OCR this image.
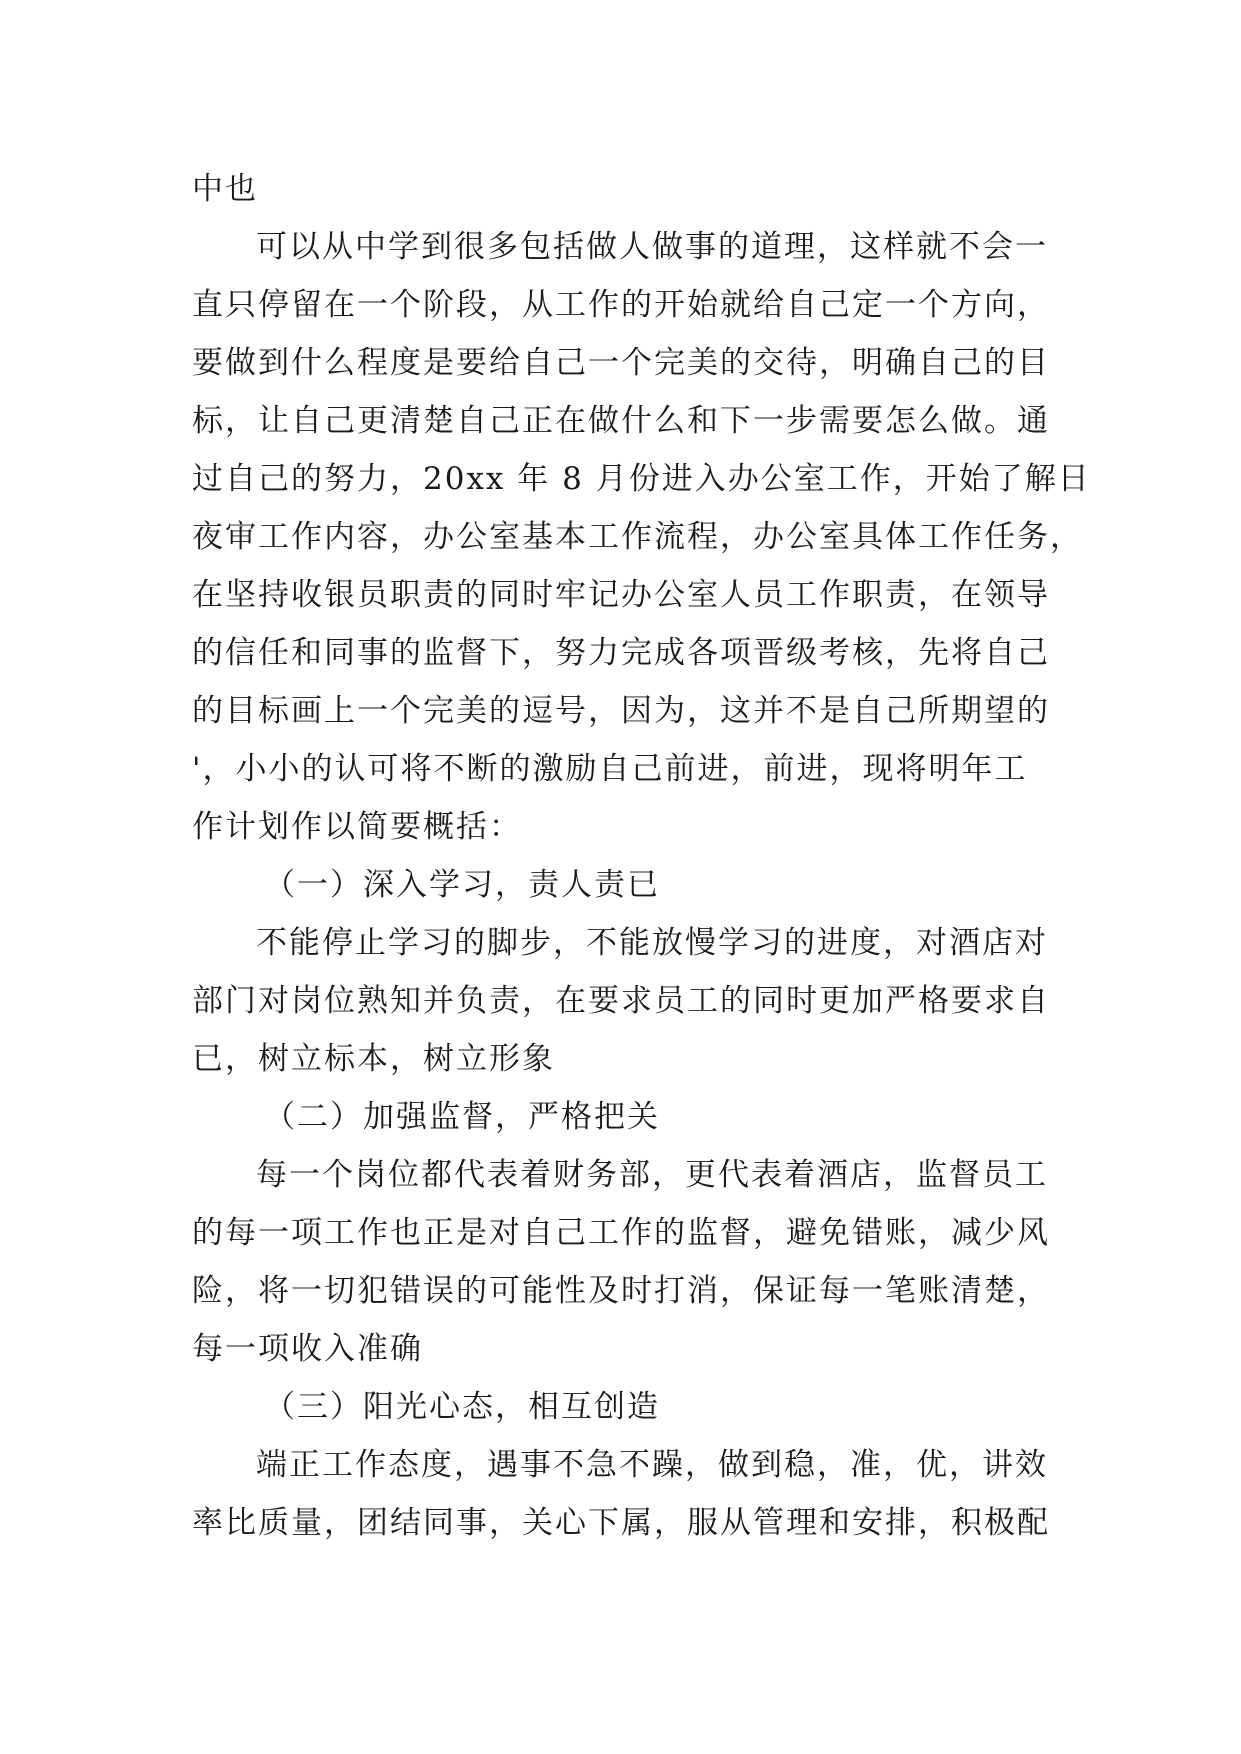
中也
可以从中学到很多包括做人做事的道理，这样就不会一
直只停留在一个阶段，从工作的开始就给自己定一个方向，
要做到什么程度是要给自己一个完美的交待，明确自己的目
标，让自己更清楚自己正在做什么和下一步需要怎么做。通
过自己的努力，20xx 年 8 月份进入办公室工作，开始了解日
夜审工作内容，办公室基本工作流程，办公室具体工作任务，
在坚持收银员职责的同时牢记办公室人员工作职责，在领导
的信任和同事的监督下，努力完成各项晋级考核，先将自己
的目标画上一个完美的逗号，因为，这并不是自己所期望的
'，小小的认可将不断的激励自己前进，前进，现将明年工
作计划作以简要概括：
（一）深入学习，责人责已
不能停止学习的脚步，不能放慢学习的进度，对酒店对
部门对岗位熟知并负责，在要求员工的同时更加严格要求自
已，树立标本，树立形象
（二）加强监督，严格把关
每一个岗位都代表着财务部，更代表着酒店，监督员工
的每一项工作也正是对自己工作的监督，避免错账，减少风
险，将一切犯错误的可能性及时打消，保证每一笔账清楚，
每一项收入准确
（三）阳光心态，相互创造
端正工作态度，遇事不急不躁，做到稳，准，优，讲效
率比质量，团结同事，关心下属，服从管理和安排，积极配
